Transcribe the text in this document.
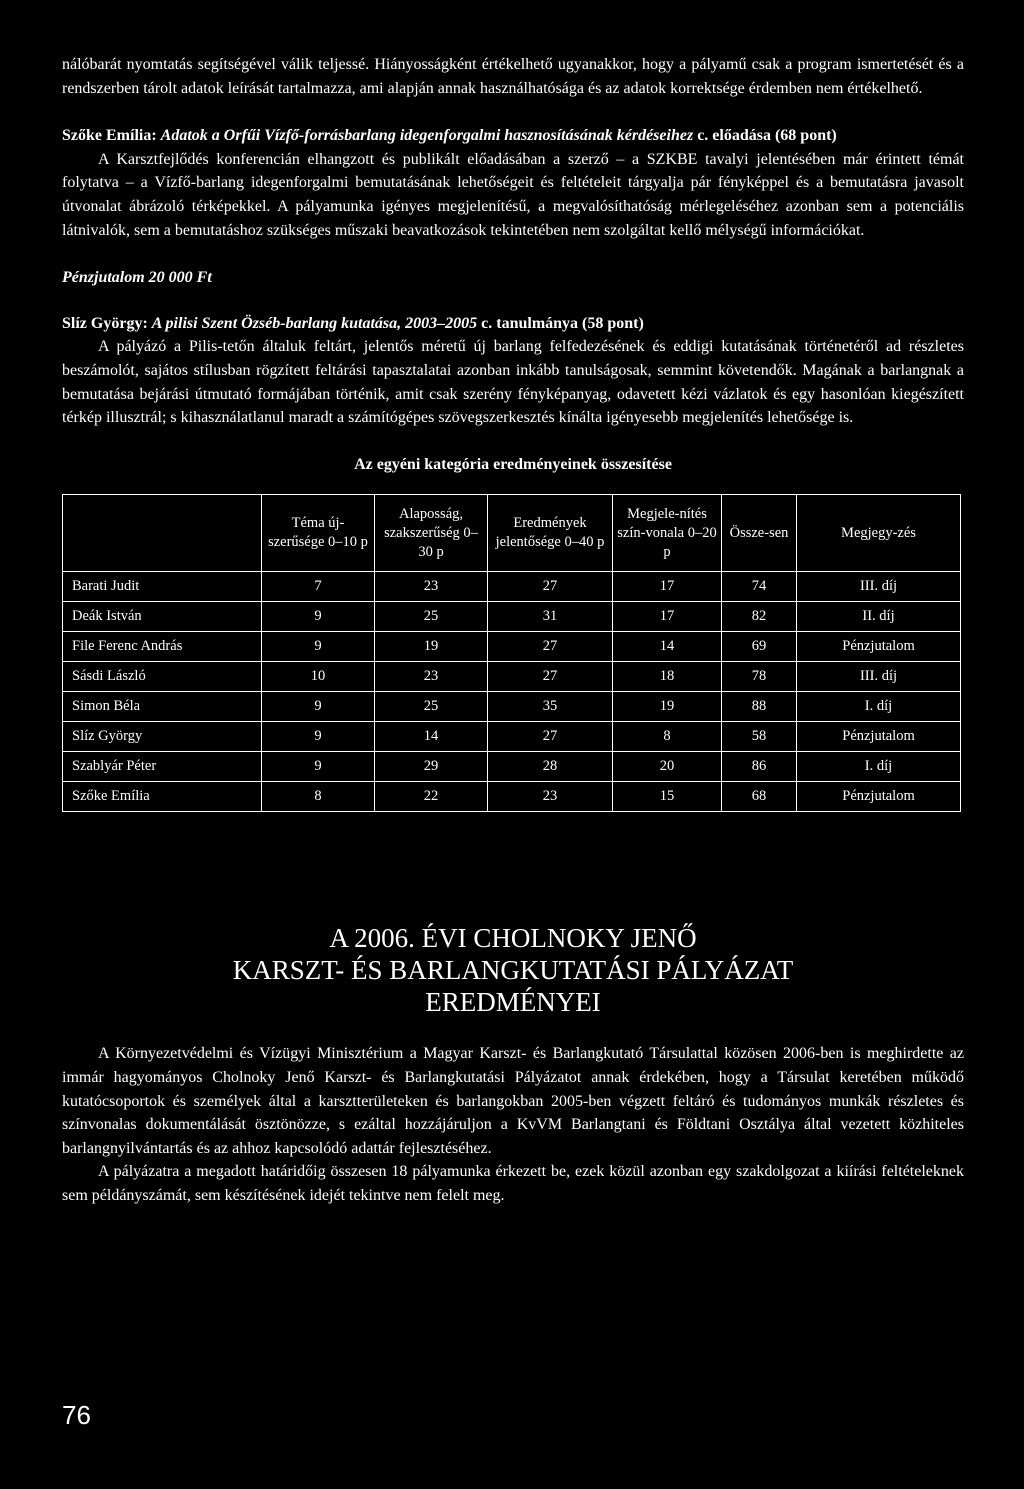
nálóbarát nyomtatás segítségével válik teljessé. Hiányosságként értékelhető ugyanakkor, hogy a pályamű csak a program ismertetését és a rendszerben tárolt adatok leírását tartalmazza, ami alapján annak használhatósága és az adatok korrektsége érdemben nem értékelhető.

Szőke Emília: Adatok a Orfűi Vízfő-forrásbarlang idegenforgalmi hasznosításának kérdéseihez c. előadása (68 pont)

A Karsztfejlődés konferencián elhangzott és publikált előadásában a szerző – a SZKBE tavalyi jelentésében már érintett témát folytatva – a Vízfő-barlang idegenforgalmi bemutatásának lehetőségeit és feltételeit tárgyalja pár fényképpel és a bemutatásra javasolt útvonalat ábrázoló térképekkel. A pályamunka igényes megjelenítésű, a megvalósíthatóság mérlegeléséhez azonban sem a potenciális látnivalók, sem a bemutatáshoz szükséges műszaki beavatkozások tekintetében nem szolgáltat kellő mélységű információkat.

Pénzjutalom 20 000 Ft

Slíz György: A pilisi Szent Özséb-barlang kutatása, 2003–2005 c. tanulmánya (58 pont)

A pályázó a Pilis-tetőn általuk feltárt, jelentős méretű új barlang felfedezésének és eddigi kutatásának történetéről ad részletes beszámolót, sajátos stílusban rögzített feltárási tapasztalatai azonban inkább tanulságosak, semmint követendők. Magának a barlangnak a bemutatása bejárási útmutató formájában történik, amit csak szerény fényképanyag, odavetett kézi vázlatok és egy hasonlóan kiegészített térkép illusztrál; s kihasználatlanul maradt a számítógépes szövegszerkesztés kínálta igényesebb megjelenítés lehetősége is.

Az egyéni kategória eredményeinek összesítése
	Téma új-szerűsége 0–10 p	Alaposság, szakszerűség 0–30 p	Eredmények jelentősége 0–40 p	Megjele-nítés szín-vonala 0–20 p	Össze-sen	Megjegy-zés
Barati Judit	7	23	27	17	74	III. díj
Deák István	9	25	31	17	82	II. díj
File Ferenc András	9	19	27	14	69	Pénzjutalom
Sásdi László	10	23	27	18	78	III. díj
Simon Béla	9	25	35	19	88	I. díj
Slíz György	9	14	27	8	58	Pénzjutalom
Szablyár Péter	9	29	28	20	86	I. díj
Szőke Emília	8	22	23	15	68	Pénzjutalom
A 2006. ÉVI CHOLNOKY JENŐ
KARSZT- ÉS BARLANGKUTATÁSI PÁLYÁZAT
EREDMÉNYEI

A Környezetvédelmi és Vízügyi Minisztérium a Magyar Karszt- és Barlangkutató Társulattal közösen 2006-ben is meghirdette az immár hagyományos Cholnoky Jenő Karszt- és Barlangkutatási Pályázatot annak érdekében, hogy a Társulat keretében működő kutatócsoportok és személyek által a karsztterületeken és barlangokban 2005-ben végzett feltáró és tudományos munkák részletes és színvonalas dokumentálását ösztönözze, s ezáltal hozzájáruljon a KvVM Barlangtani és Földtani Osztálya által vezetett közhiteles barlangnyilvántartás és az ahhoz kapcsolódó adattár fejlesztéséhez.

A pályázatra a megadott határidőig összesen 18 pályamunka érkezett be, ezek közül azonban egy szakdolgozat a kiírási feltételeknek sem példányszámát, sem készítésének idejét tekintve nem felelt meg.

76
